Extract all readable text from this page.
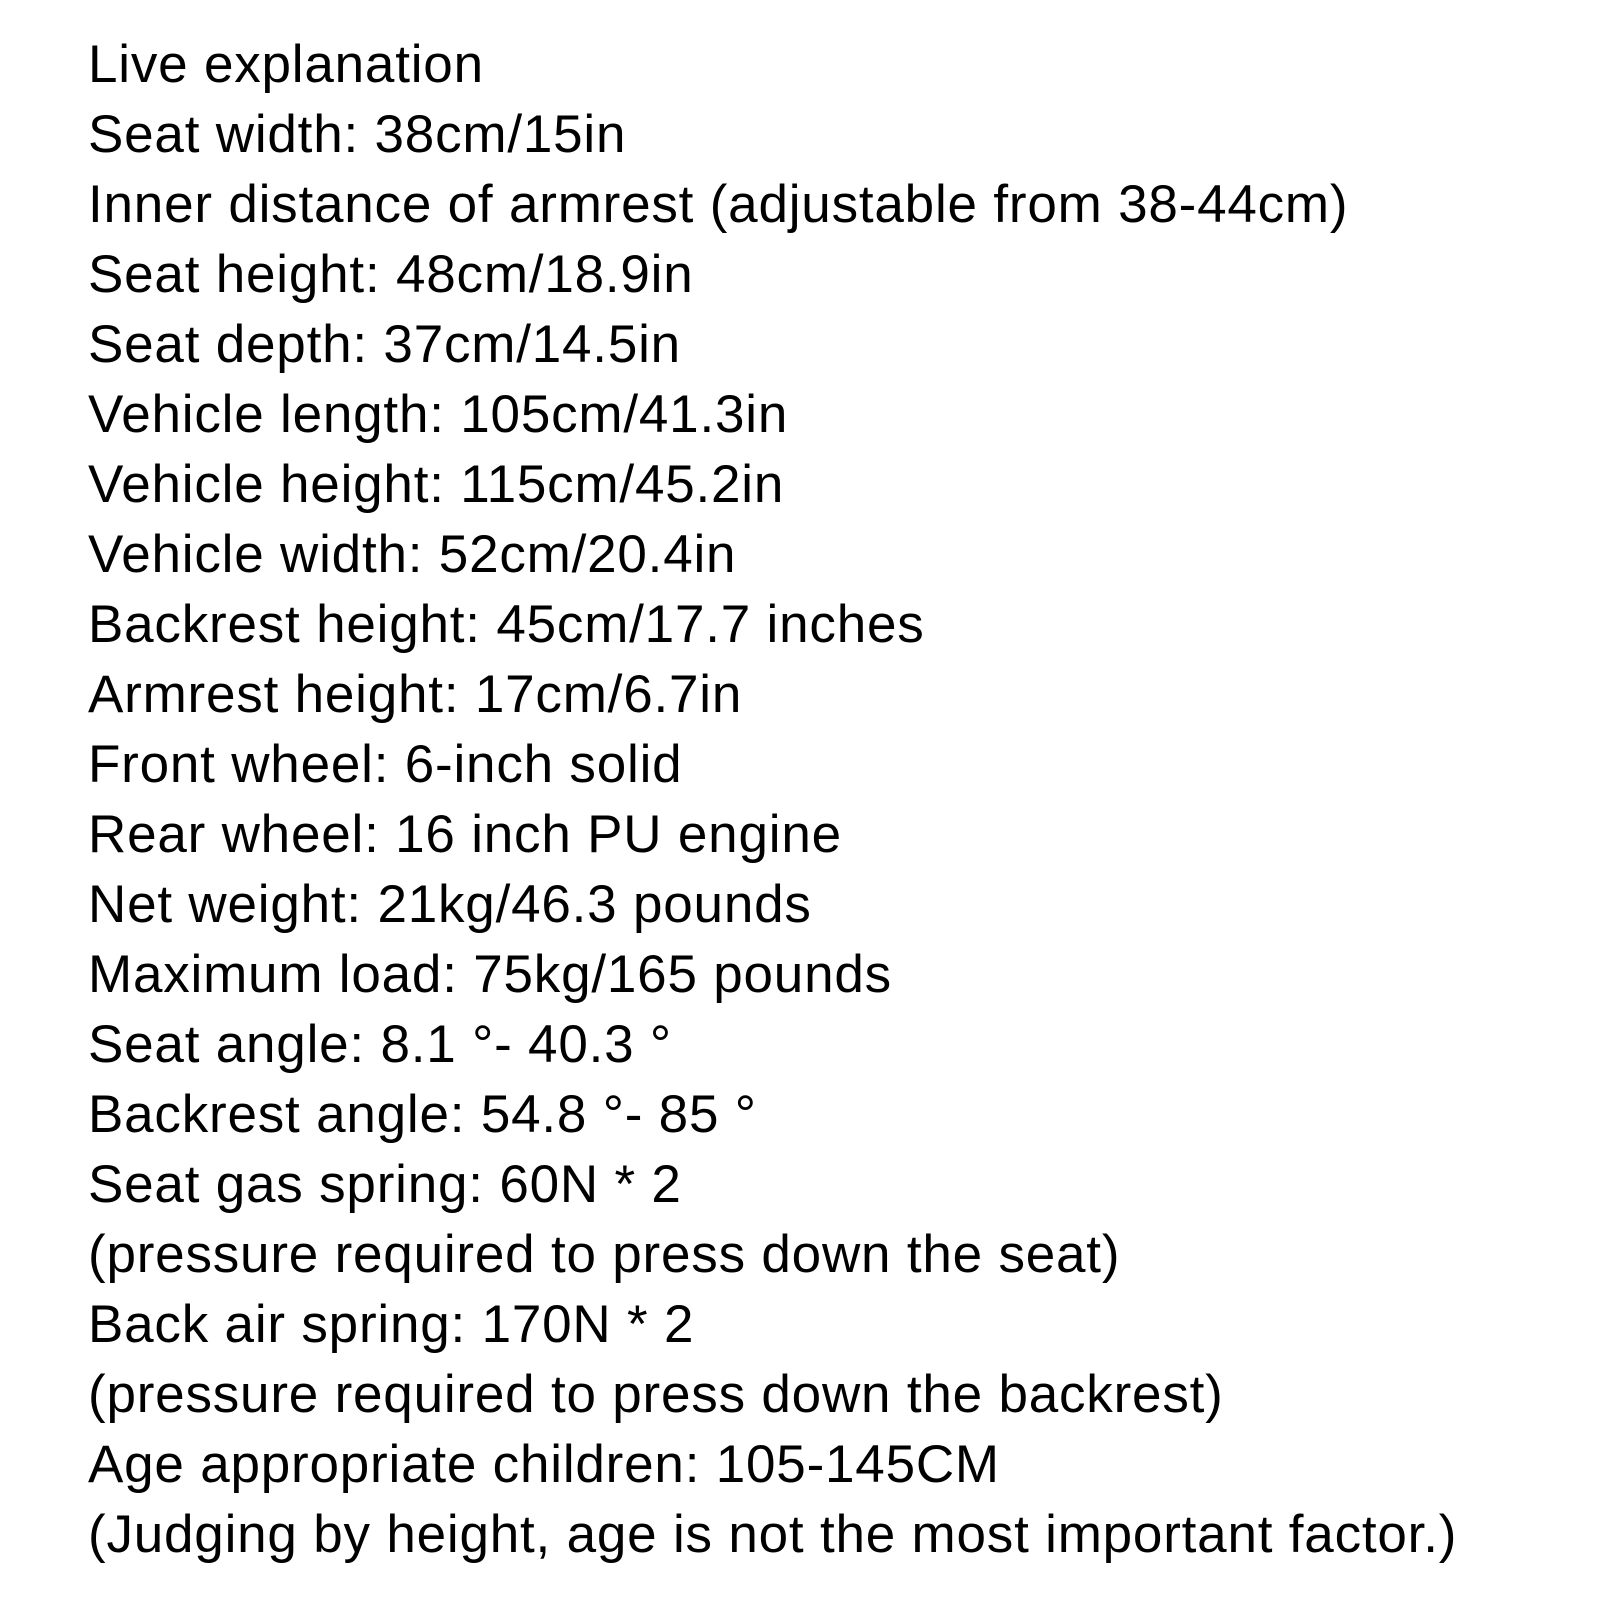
Live explanation
Seat width: 38cm/15in
Inner distance of armrest (adjustable from 38-44cm)
Seat height: 48cm/18.9in
Seat depth: 37cm/14.5in
Vehicle length: 105cm/41.3in
Vehicle height: 115cm/45.2in
Vehicle width: 52cm/20.4in
Backrest height: 45cm/17.7 inches
Armrest height: 17cm/6.7in
Front wheel: 6-inch solid
Rear wheel: 16 inch PU engine
Net weight: 21kg/46.3 pounds
Maximum load: 75kg/165 pounds
Seat angle: 8.1 °- 40.3 °
Backrest angle: 54.8 °- 85 °
Seat gas spring: 60N * 2
(pressure required to press down the seat)
Back air spring: 170N * 2
(pressure required to press down the backrest)
Age appropriate children: 105-145CM
(Judging by height, age is not the most important factor.)
